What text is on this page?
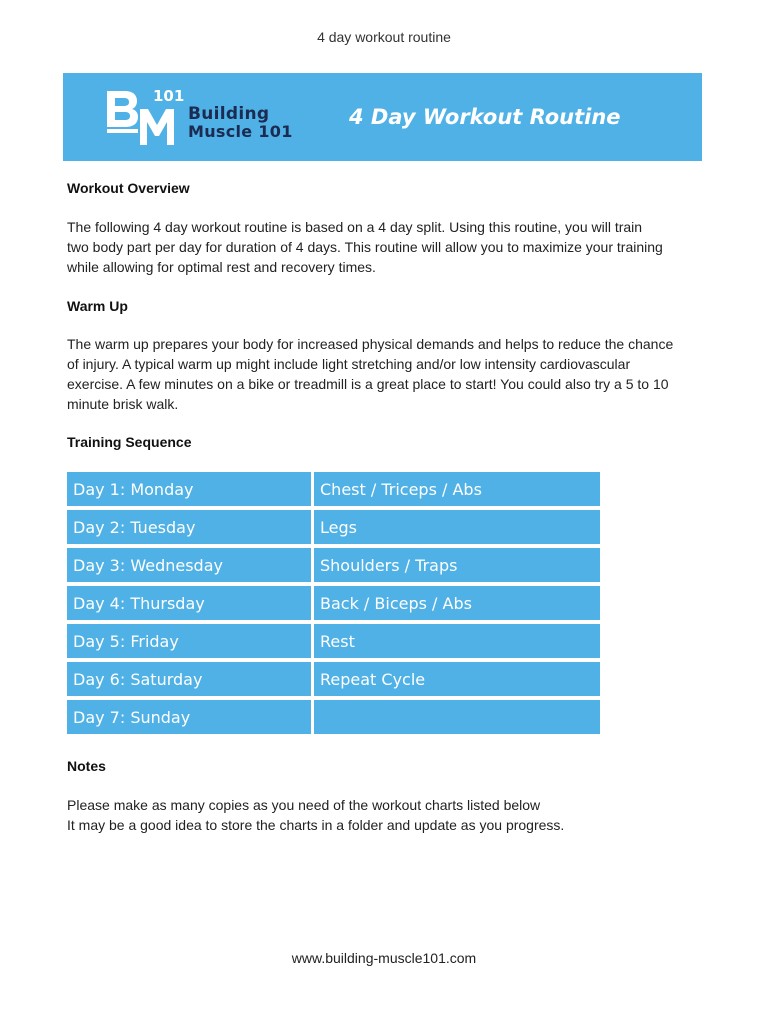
4 day workout routine
101
Building
Muscle 101
4 Day Workout Routine
Workout Overview

The following 4 day workout routine is based on a 4 day split. Using this routine, you will train two body part per day for duration of 4 days. This routine will allow you to maximize your training while allowing for optimal rest and recovery times.

Warm Up

The warm up prepares your body for increased physical demands and helps to reduce the chance of injury. A typical warm up might include light stretching and/or low intensity cardiovascular exercise. A few minutes on a bike or treadmill is a great place to start! You could also try a 5 to 10 minute brisk walk.

Training Sequence
Day 1: Monday	Chest / Triceps / Abs
Day 2: Tuesday	Legs
Day 3: Wednesday	Shoulders / Traps
Day 4: Thursday	Back / Biceps / Abs
Day 5: Friday	Rest
Day 6: Saturday	Repeat Cycle
Day 7: Sunday	
Notes

Please make as many copies as you need of the workout charts listed below

It may be a good idea to store the charts in a folder and update as you progress.

www.building-muscle101.com
